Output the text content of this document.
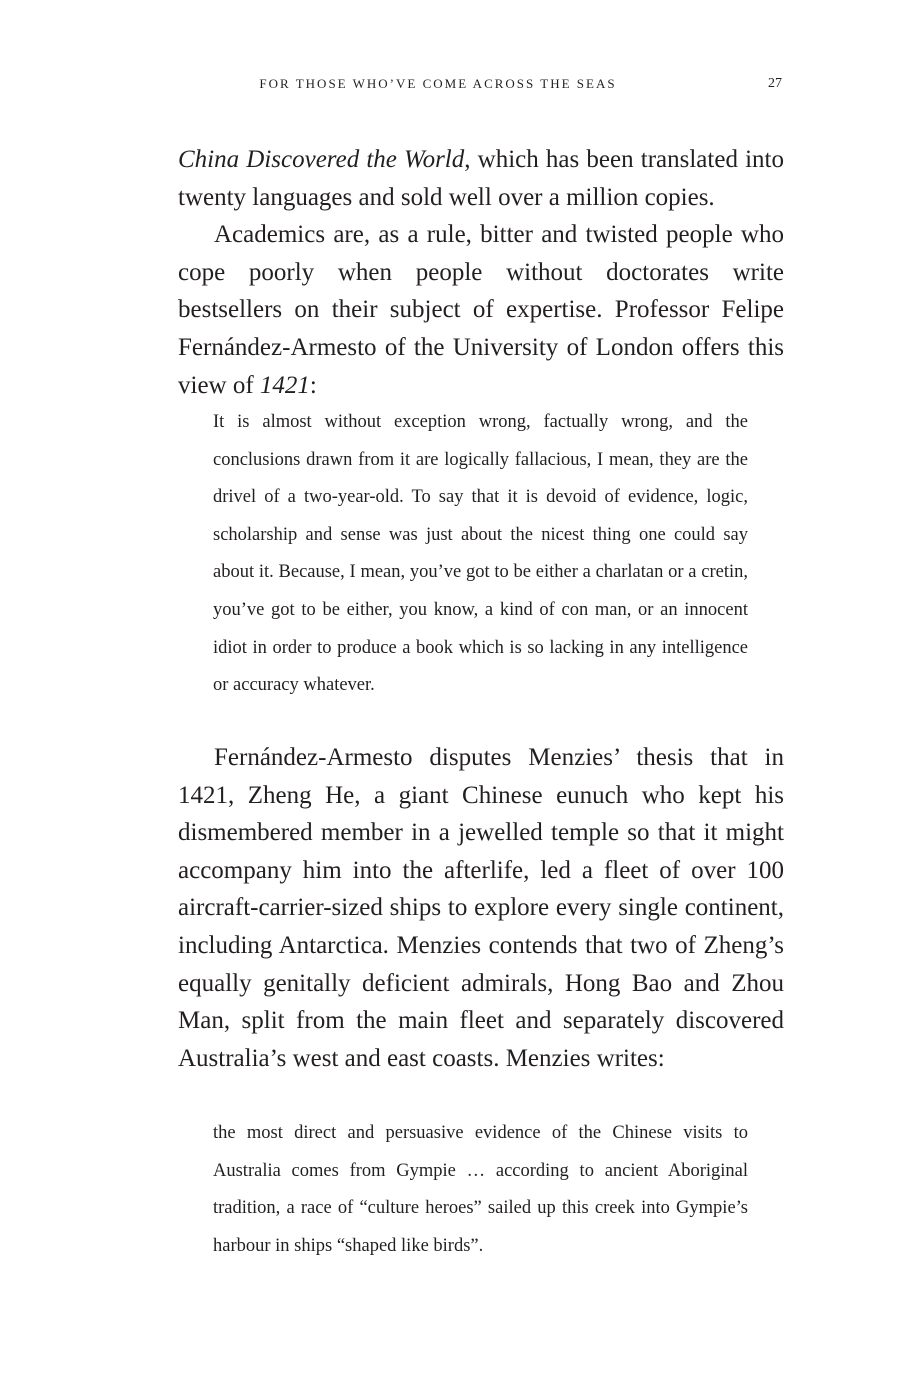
FOR THOSE WHO’VE COME ACROSS THE SEAS	27

China Discovered the World, which has been translated into twenty languages and sold well over a million copies.

Academics are, as a rule, bitter and twisted people who cope poorly when people without doctorates write bestsellers on their subject of expertise. Professor Felipe Fernández-Armesto of the University of London offers this view of 1421:

It is almost without exception wrong, factually wrong, and the conclusions drawn from it are logically fallacious, I mean, they are the drivel of a two-year-old. To say that it is devoid of evidence, logic, scholarship and sense was just about the nicest thing one could say about it. Because, I mean, you’ve got to be either a charlatan or a cretin, you’ve got to be either, you know, a kind of con man, or an innocent idiot in order to produce a book which is so lacking in any intelligence or accuracy whatever.

Fernández-Armesto disputes Menzies’ thesis that in 1421, Zheng He, a giant Chinese eunuch who kept his dismembered member in a jewelled temple so that it might accompany him into the afterlife, led a fleet of over 100 aircraft-carrier-sized ships to explore every single continent, including Antarctica. Menzies contends that two of Zheng’s equally genitally deficient admirals, Hong Bao and Zhou Man, split from the main fleet and separately discovered Australia’s west and east coasts. Menzies writes:

the most direct and persuasive evidence of the Chinese visits to Australia comes from Gympie … according to ancient Aboriginal tradition, a race of “culture heroes” sailed up this creek into Gympie’s harbour in ships “shaped like birds”.
